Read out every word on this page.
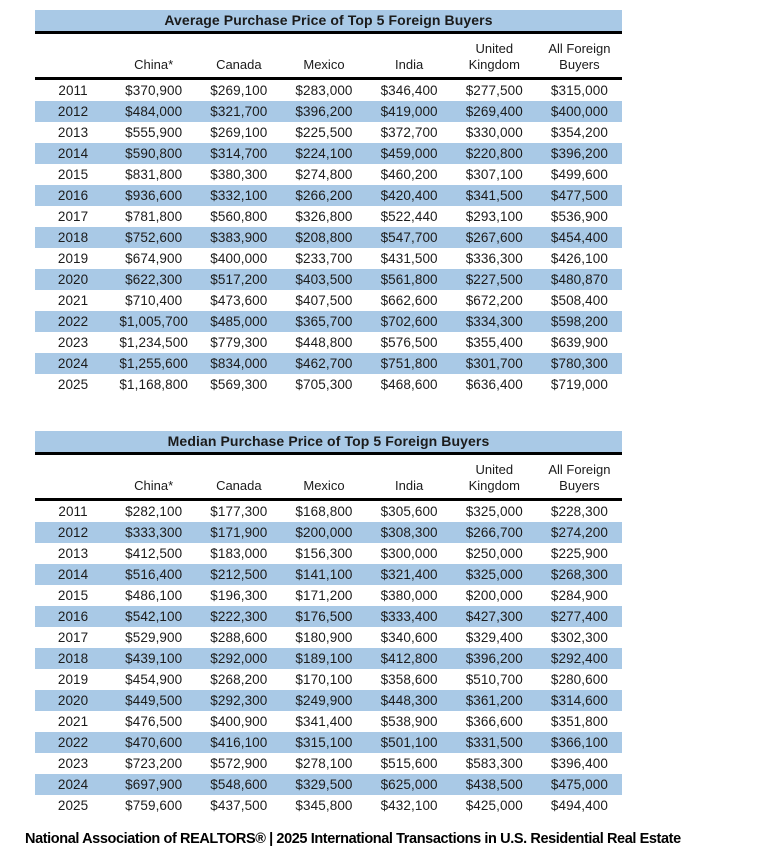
Average Purchase Price of Top 5 Foreign Buyers
	China*	Canada	Mexico	India	United Kingdom	All Foreign Buyers
2011	$370,900	$269,100	$283,000	$346,400	$277,500	$315,000
2012	$484,000	$321,700	$396,200	$419,000	$269,400	$400,000
2013	$555,900	$269,100	$225,500	$372,700	$330,000	$354,200
2014	$590,800	$314,700	$224,100	$459,000	$220,800	$396,200
2015	$831,800	$380,300	$274,800	$460,200	$307,100	$499,600
2016	$936,600	$332,100	$266,200	$420,400	$341,500	$477,500
2017	$781,800	$560,800	$326,800	$522,440	$293,100	$536,900
2018	$752,600	$383,900	$208,800	$547,700	$267,600	$454,400
2019	$674,900	$400,000	$233,700	$431,500	$336,300	$426,100
2020	$622,300	$517,200	$403,500	$561,800	$227,500	$480,870
2021	$710,400	$473,600	$407,500	$662,600	$672,200	$508,400
2022	$1,005,700	$485,000	$365,700	$702,600	$334,300	$598,200
2023	$1,234,500	$779,300	$448,800	$576,500	$355,400	$639,900
2024	$1,255,600	$834,000	$462,700	$751,800	$301,700	$780,300
2025	$1,168,800	$569,300	$705,300	$468,600	$636,400	$719,000
Median Purchase Price of Top 5 Foreign Buyers
	China*	Canada	Mexico	India	United Kingdom	All Foreign Buyers
2011	$282,100	$177,300	$168,800	$305,600	$325,000	$228,300
2012	$333,300	$171,900	$200,000	$308,300	$266,700	$274,200
2013	$412,500	$183,000	$156,300	$300,000	$250,000	$225,900
2014	$516,400	$212,500	$141,100	$321,400	$325,000	$268,300
2015	$486,100	$196,300	$171,200	$380,000	$200,000	$284,900
2016	$542,100	$222,300	$176,500	$333,400	$427,300	$277,400
2017	$529,900	$288,600	$180,900	$340,600	$329,400	$302,300
2018	$439,100	$292,000	$189,100	$412,800	$396,200	$292,400
2019	$454,900	$268,200	$170,100	$358,600	$510,700	$280,600
2020	$449,500	$292,300	$249,900	$448,300	$361,200	$314,600
2021	$476,500	$400,900	$341,400	$538,900	$366,600	$351,800
2022	$470,600	$416,100	$315,100	$501,100	$331,500	$366,100
2023	$723,200	$572,900	$278,100	$515,600	$583,300	$396,400
2024	$697,900	$548,600	$329,500	$625,000	$438,500	$475,000
2025	$759,600	$437,500	$345,800	$432,100	$425,000	$494,400
National Association of REALTORS® | 2025 International Transactions in U.S. Residential Real Estate
